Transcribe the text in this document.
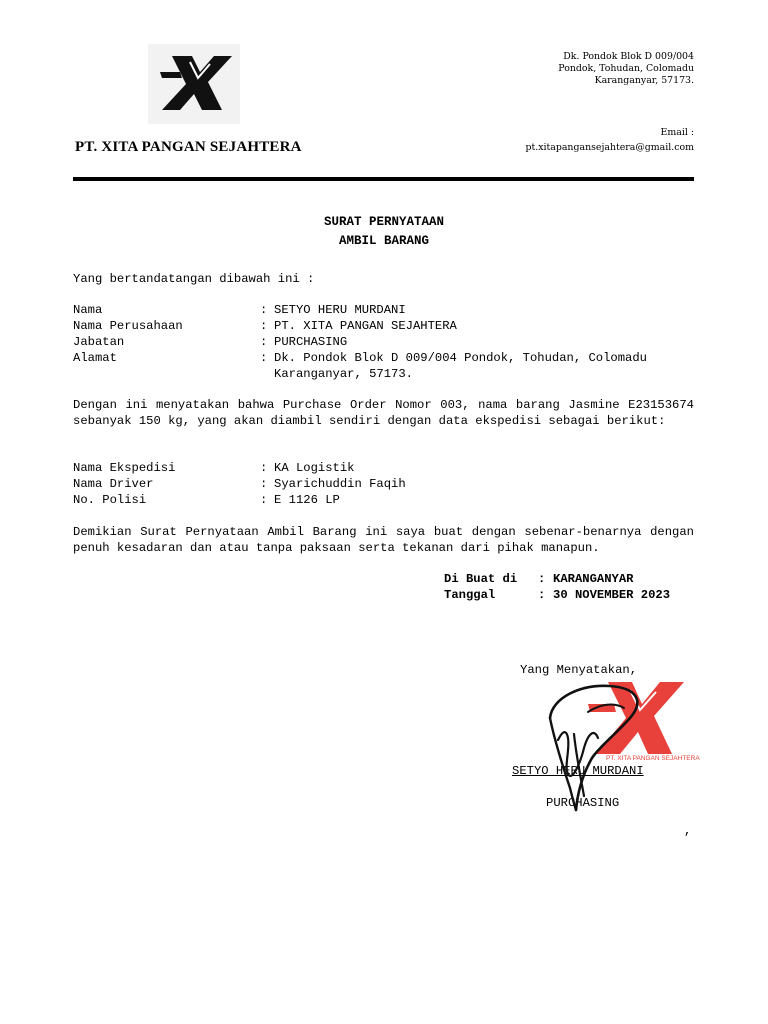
PT. XITA PANGAN SEJAHTERA
Dk. Pondok Blok D 009/004
Pondok, Tohudan, Colomadu
Karanganyar, 57173.
Email :
pt.xitapangansejahtera@gmail.com
SURAT PERNYATAAN
AMBIL BARANG
Yang bertandatangan dibawah ini :
Nama	: SETYO HERU MURDANI
Nama Perusahaan	: PT. XITA PANGAN SEJAHTERA
Jabatan	: PURCHASING
Alamat	: Dk. Pondok Blok D 009/004 Pondok, Tohudan, Colomadu
Karanganyar, 57173.
Dengan ini menyatakan bahwa Purchase Order Nomor 003, nama barang Jasmine E23153674 sebanyak 150 kg, yang akan diambil sendiri dengan data ekspedisi sebagai berikut:
Nama Ekspedisi	: KA Logistik
Nama Driver	: Syarichuddin Faqih
No. Polisi	: E 1126 LP
Demikian Surat Pernyataan Ambil Barang ini saya buat dengan sebenar-benarnya dengan penuh kesadaran dan atau tanpa paksaan serta tekanan dari pihak manapun.
Di Buat di : KARANGANYAR
Tanggal	: 30 NOVEMBER 2023
Yang Menyatakan,
PT. XITA PANGAN SEJAHTERA
SETYO HERU MURDANI
PURCHASING
,
